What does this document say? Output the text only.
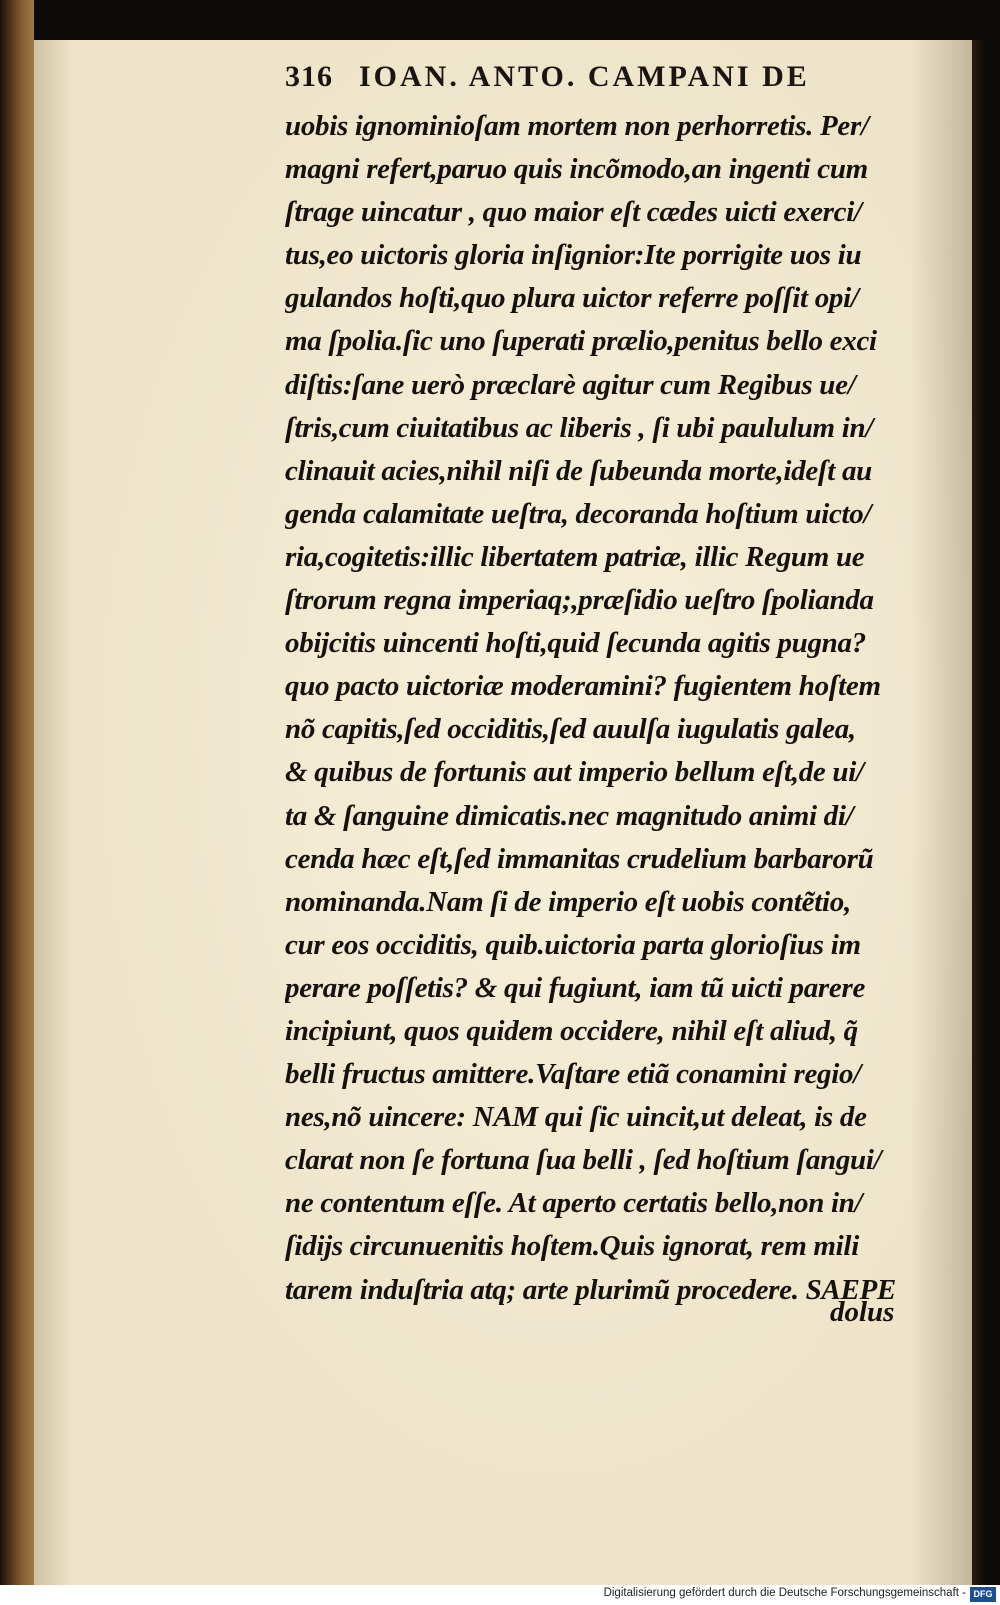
316 IOAN. ANTO. CAMPANI DE
uobis ignominioſam mortem non perhorretis. Per/
magni refert,paruo quis incõmodo,an ingenti cum
ſtrage uincatur , quo maior eſt cædes uicti exerci/
tus,eo uictoris gloria inſignior:Ite porrigite uos iu
gulandos hoſti,quo plura uictor referre poſſit opi/
ma ſpolia.ſic uno ſuperati prælio,penitus bello exci
diſtis:ſane uerò præclarè agitur cum Regibus ue/
ſtris,cum ciuitatibus ac liberis , ſi ubi paululum in/
clinauit acies,nihil niſi de ſubeunda morte,ideſt au
genda calamitate ueſtra, decoranda hoſtium uicto/
ria,cogitetis:illic libertatem patriæ, illic Regum ue
ſtrorum regna imperiaq;,præſidio ueſtro ſpolianda
obijcitis uincenti hoſti,quid ſecunda agitis pugna?
quo pacto uictoriæ moderamini? fugientem hoſtem
nõ capitis,ſed occiditis,ſed auulſa iugulatis galea,
& quibus de fortunis aut imperio bellum eſt,de ui/
ta & ſanguine dimicatis.nec magnitudo animi di/
cenda hæc eſt,ſed immanitas crudelium barbarorũ
nominanda.Nam ſi de imperio eſt uobis contẽtio,
cur eos occiditis, quib.uictoria parta glorioſius im
perare poſſetis? & qui fugiunt, iam tũ uicti parere
incipiunt, quos quidem occidere, nihil eſt aliud, q̃
belli fructus amittere.Vaſtare etiã conamini regio/
nes,nõ uincere: NAM qui ſic uincit,ut deleat, is de
clarat non ſe fortuna ſua belli , ſed hoſtium ſangui/
ne contentum eſſe. At aperto certatis bello,non in/
ſidijs circunuenitis hoſtem.Quis ignorat, rem mili
tarem induſtria atq; arte plurimũ procedere. SAEPE
dolus
Digitalisierung gefördert durch die Deutsche Forschungsgemeinschaft - DFG
